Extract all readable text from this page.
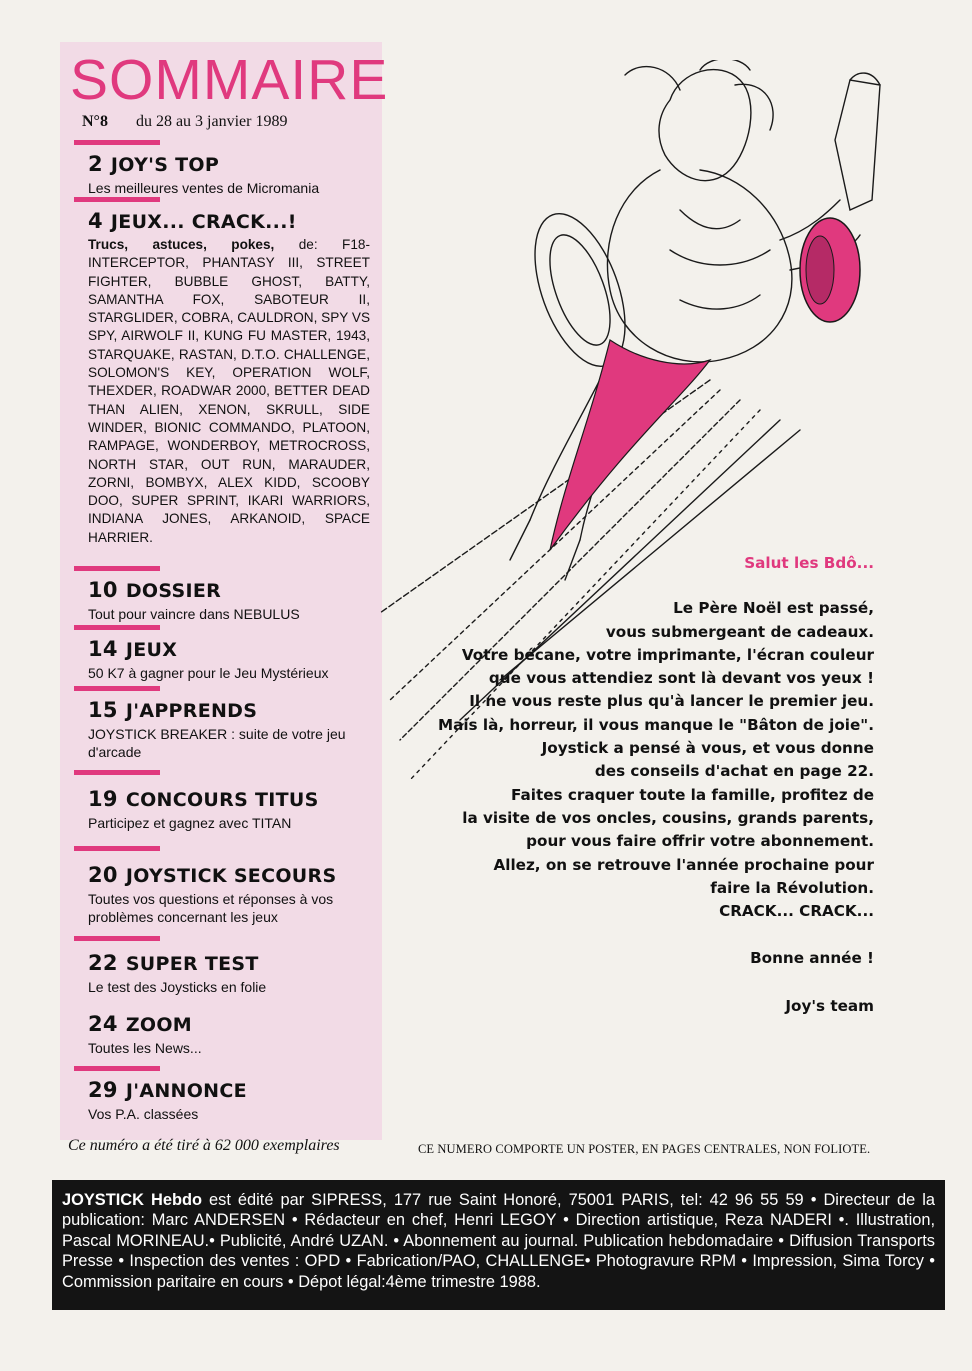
SOMMAIRE
N°8 du 28 au 3 janvier 1989
2 JOY'S TOP
Les meilleures ventes de Micromania
4 JEUX... CRACK...!
Trucs, astuces, pokes, de: F18-INTERCEPTOR, PHANTASY III, STREET FIGHTER, BUBBLE GHOST, BATTY, SAMANTHA FOX, SABOTEUR II, STARGLIDER, COBRA, CAULDRON, SPY VS SPY, AIRWOLF II, KUNG FU MASTER, 1943, STARQUAKE, RASTAN, D.T.O. CHALLENGE, SOLOMON'S KEY, OPERATION WOLF, THEXDER, ROADWAR 2000, BETTER DEAD THAN ALIEN, XENON, SKRULL, SIDE WINDER, BIONIC COMMANDO, PLATOON, RAMPAGE, WONDERBOY, METROCROSS, NORTH STAR, OUT RUN, MARAUDER, ZORNI, BOMBYX, ALEX KIDD, SCOOBY DOO, SUPER SPRINT, IKARI WARRIORS, INDIANA JONES, ARKANOID, SPACE HARRIER.
10 DOSSIER
Tout pour vaincre dans NEBULUS
14 JEUX
50 K7 à gagner pour le Jeu Mystérieux
15 J'APPRENDS
JOYSTICK BREAKER : suite de votre jeu d'arcade
19 CONCOURS TITUS
Participez et gagnez avec TITAN
20 JOYSTICK SECOURS
Toutes vos questions et réponses à vos problèmes concernant les jeux
22 SUPER TEST
Le test des Joysticks en folie
24 ZOOM
Toutes les News...
29 J'ANNONCE
Vos P.A. classées
Ce numéro a été tiré à 62 000 exemplaires	CE NUMERO COMPORTE UN POSTER, EN PAGES CENTRALES, NON FOLIOTE.
Salut les Bdô...
Le Père Noël est passé,
vous submergeant de cadeaux.
Votre bécane, votre imprimante, l'écran couleur
que vous attendiez sont là devant vos yeux !
Il ne vous reste plus qu'à lancer le premier jeu.
Mais là, horreur, il vous manque le "Bâton de joie".
Joystick a pensé à vous, et vous donne
des conseils d'achat en page 22.
Faites craquer toute la famille, profitez de
la visite de vos oncles, cousins, grands parents,
pour vous faire offrir votre abonnement.
Allez, on se retrouve l'année prochaine pour
faire la Révolution.
CRACK... CRACK...
Bonne année !
Joy's team

JOYSTICK Hebdo est édité par SIPRESS, 177 rue Saint Honoré, 75001 PARIS, tel: 42 96 55 59 • Directeur de la publication: Marc ANDERSEN • Rédacteur en chef, Henri LEGOY • Direction artistique, Reza NADERI •. Illustration, Pascal MORINEAU.• Publicité, André UZAN. • Abonnement au journal. Publication hebdomadaire • Diffusion Transports Presse • Inspection des ventes : OPD • Fabrication/PAO, CHALLENGE• Photogravure RPM • Impression, Sima Torcy • Commission paritaire en cours • Dépot légal:4ème trimestre 1988.
